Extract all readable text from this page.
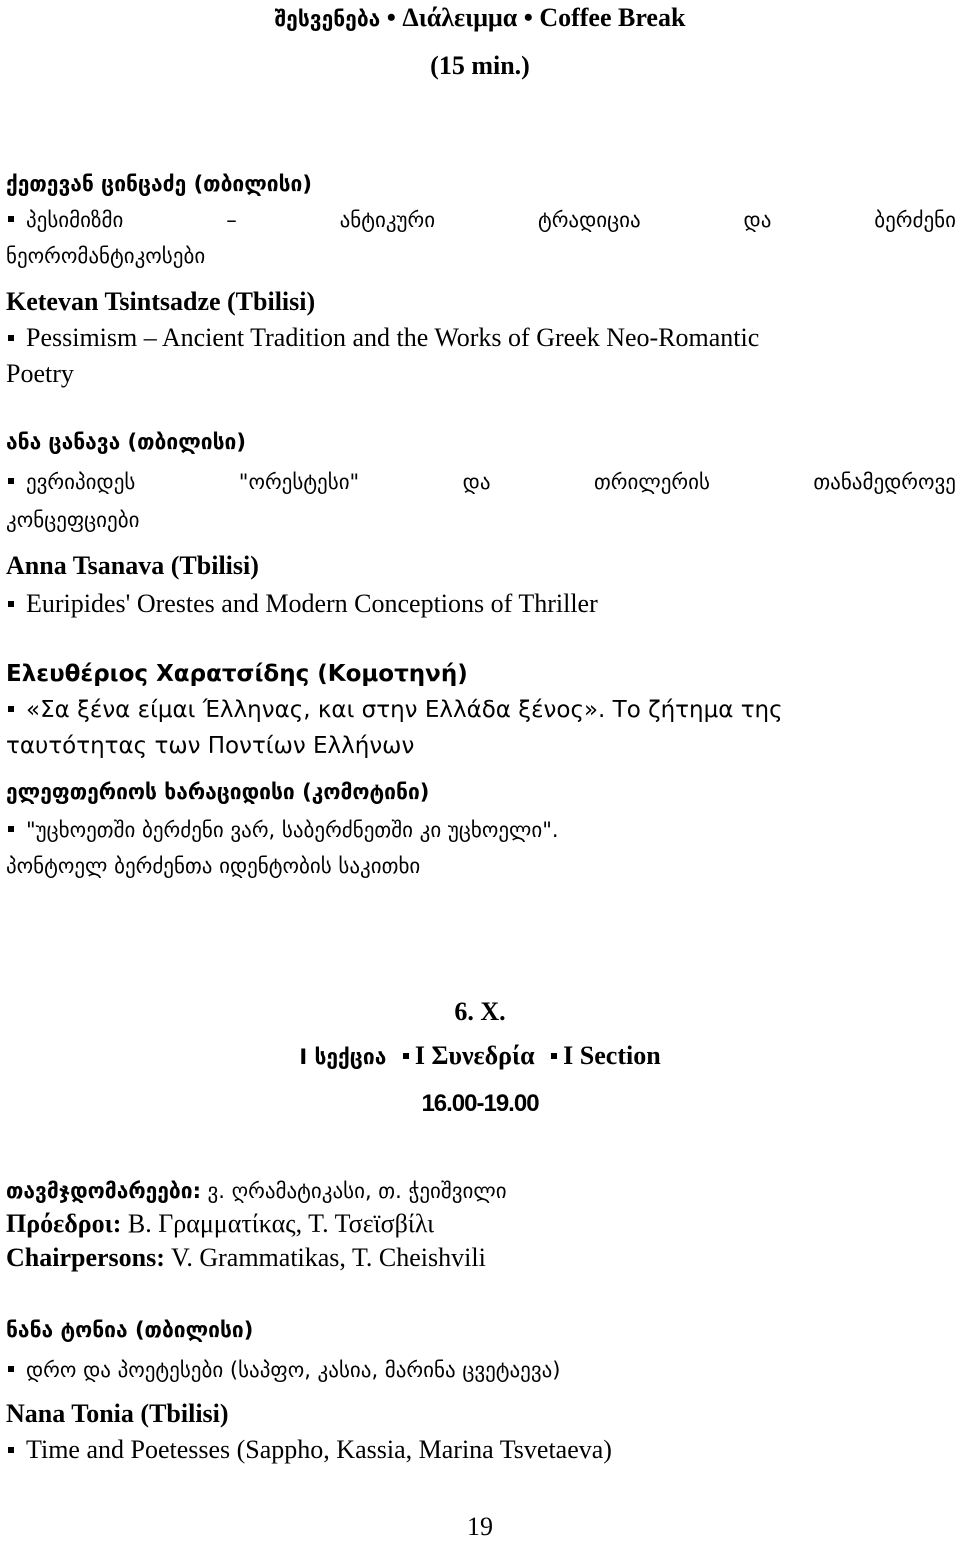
შესვენება • Διάλειμμα • Coffee Break
(15 min.)
ქეთევან ცინცაძე (თბილისი)
პესიმიზმი	–	ანტიკური	ტრადიცია	და	ბერძენი
ნეორომანტიკოსები
Ketevan Tsintsadze (Tbilisi)
Pessimism – Ancient Tradition and the Works of Greek Neo-Romantic
Poetry
ანა ცანავა (თბილისი)
ევრიპიდეს	"ორესტესი"	და	თრილერის	თანამედროვე
კონცეფციები
Anna Tsanava (Tbilisi)
Euripides' Orestes and Modern Conceptions of Thriller
Ελευθέριος Χαρατσίδης (Κομοτηνή)
«Σα ξένα είμαι Έλληνας, και στην Ελλάδα ξένος». Το ζήτημα της
ταυτότητας των Ποντίων Ελλήνων
ელეფთერიოს ხარაციდისი (კომოტინი)
"უცხოეთში ბერძენი ვარ, საბერძნეთში კი უცხოელი".
პონტოელ ბერძენთა იდენტობის საკითხი
6. X.
I სექცია I Συνεδρία I Section
16.00-19.00
თავმჯდომარეები: ვ. ღრამატიკასი, თ. ჭეიშვილი
Πρόεδροι: Β. Γραμματίκας, Τ. Τσεϊσβίλι
Chairpersons: V. Grammatikas, T. Cheishvili
ნანა ტონია (თბილისი)
დრო და პოეტესები (საპფო, კასია, მარინა ცვეტაევა)
Nana Tonia (Tbilisi)
Time and Poetesses (Sappho, Kassia, Marina Tsvetaeva)
19
